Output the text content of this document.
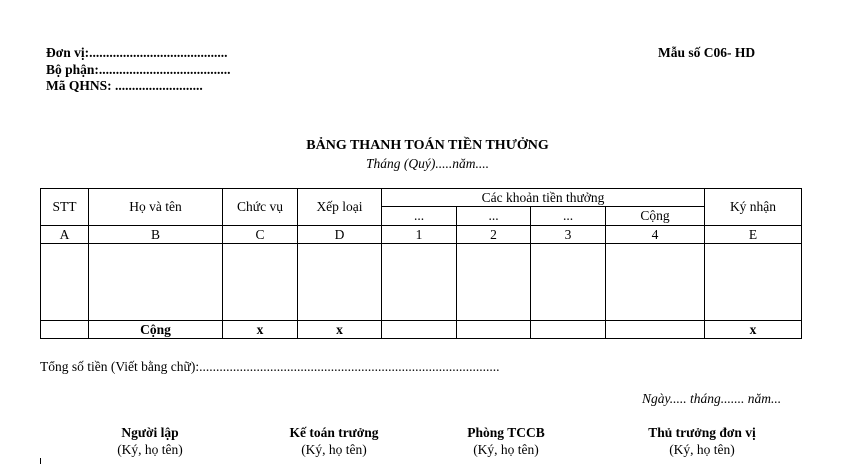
Đơn vị:.........................................
Bộ phận:.......................................
Mã QHNS: ..........................
Mẫu số C06- HD
BẢNG THANH TOÁN TIỀN THƯỞNG
Tháng (Quý).....năm....
STT	Họ và tên	Chức vụ	Xếp loại	Các khoản tiền thưởng				Ký nhận
				...	...	...	Cộng	
A	B	C	D	1	2	3	4	E

	Cộng	x	x					x
Tổng số tiền (Viết bằng chữ):.........................................................................................
Ngày..... tháng....... năm...
Người lập
(Ký, họ tên)
Kế toán trưởng
(Ký, họ tên)
Phòng TCCB
(Ký, họ tên)
Thủ trưởng đơn vị
(Ký, họ tên)
